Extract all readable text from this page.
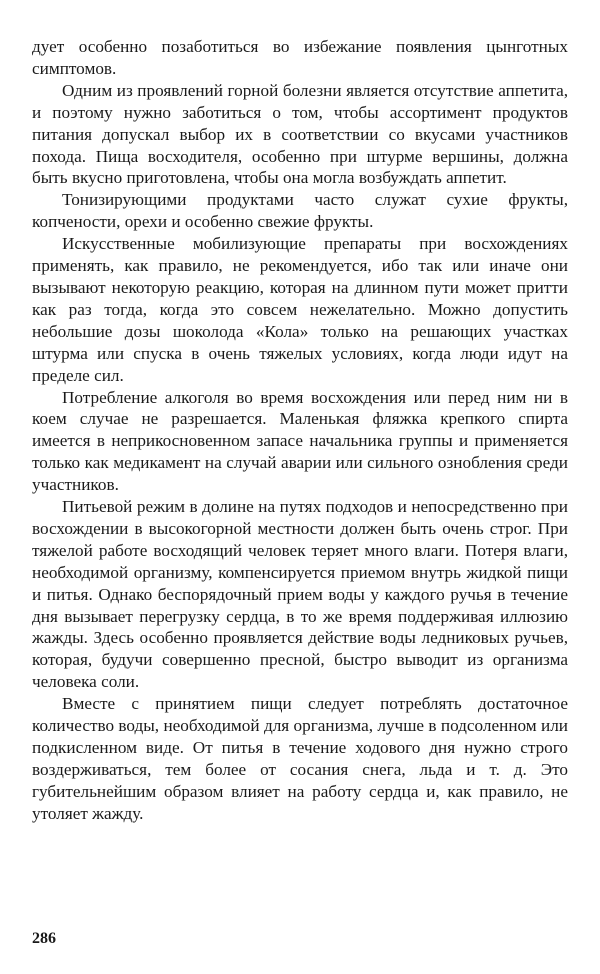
дует особенно позаботиться во избежание появления цынготных симптомов.

Одним из проявлений горной болезни является отсутствие аппетита, и поэтому нужно заботиться о том, чтобы ассортимент продуктов питания допускал выбор их в соответствии со вкусами участников похода. Пища восходителя, особенно при штурме вершины, должна быть вкусно приготовлена, чтобы она могла возбуждать аппетит.

Тонизирующими продуктами часто служат сухие фрукты, копчености, орехи и особенно свежие фрукты.

Искусственные мобилизующие препараты при восхождениях применять, как правило, не рекомендуется, ибо так или иначе они вызывают некоторую реакцию, которая на длинном пути может притти как раз тогда, когда это совсем нежелательно. Можно допустить небольшие дозы шоколода «Кола» только на решающих участках штурма или спуска в очень тяжелых условиях, когда люди идут на пределе сил.

Потребление алкоголя во время восхождения или перед ним ни в коем случае не разрешается. Маленькая фляжка крепкого спирта имеется в неприкосновенном запасе начальника группы и применяется только как медикамент на случай аварии или сильного ознобления среди участников.

Питьевой режим в долине на путях подходов и непосредственно при восхождении в высокогорной местности должен быть очень строг. При тяжелой работе восходящий человек теряет много влаги. Потеря влаги, необходимой организму, компенсируется приемом внутрь жидкой пищи и питья. Однако беспорядочный прием воды у каждого ручья в течение дня вызывает перегрузку сердца, в то же время поддерживая иллюзию жажды. Здесь особенно проявляется действие воды ледниковых ручьев, которая, будучи совершенно пресной, быстро выводит из организма человека соли.

Вместе с принятием пищи следует потреблять достаточное количество воды, необходимой для организма, лучше в подсоленном или подкисленном виде. От питья в течение ходового дня нужно строго воздерживаться, тем более от сосания снега, льда и т. д. Это губительнейшим образом влияет на работу сердца и, как правило, не утоляет жажду.

286
